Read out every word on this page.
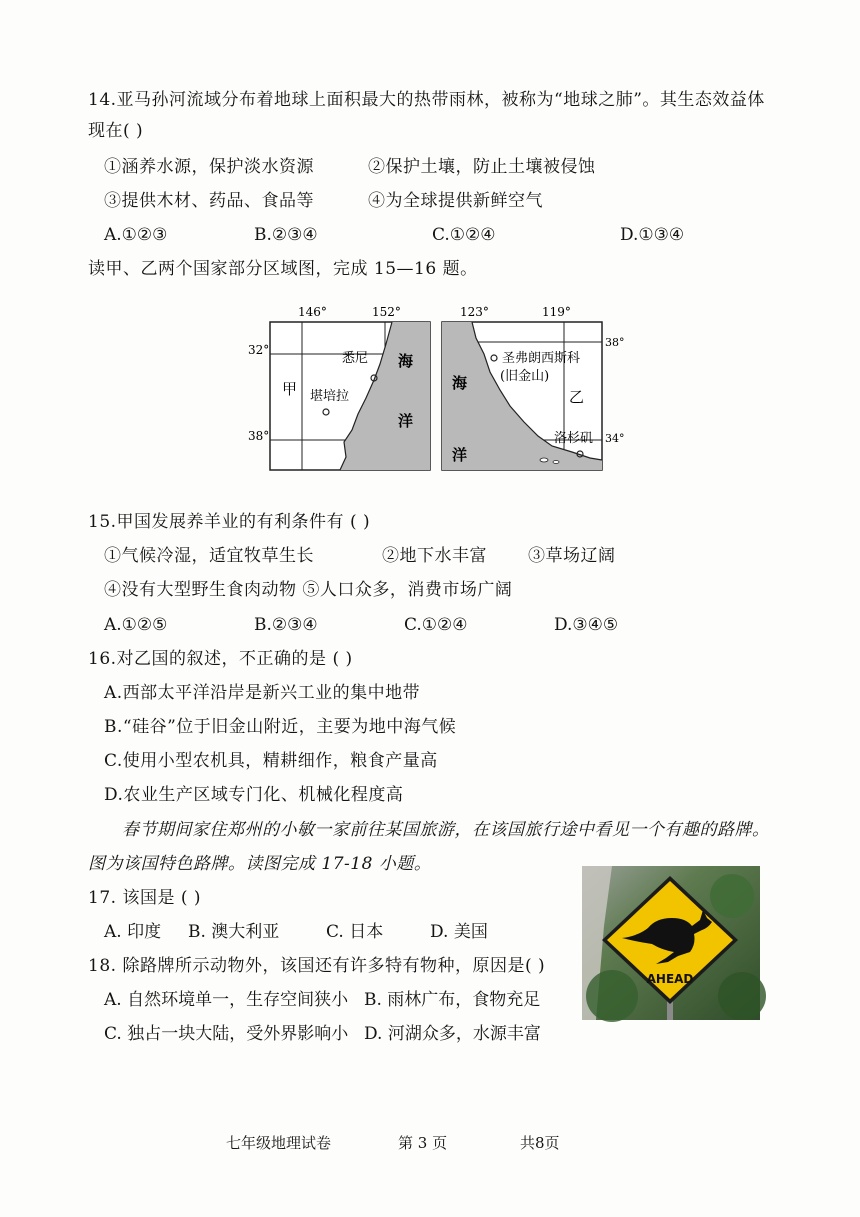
14.亚马孙河流域分布着地球上面积最大的热带雨林，被称为“地球之肺”。其生态效益体
现在( )
①涵养水源，保护淡水资源	②保护土壤，防止土壤被侵蚀
③提供木材、药品、食品等	④为全球提供新鲜空气
A.①②③	B.②③④	C.①②④	D.①③④
读甲、乙两个国家部分区域图，完成 15—16 题。
146°	152°
32°
38°
甲
悉尼
堪培拉
海
洋
123°	119°
38°
34°
圣弗朗西斯科
(旧金山)
乙
洛杉矶
海
洋
15.甲国发展养羊业的有利条件有 ( )
①气候冷湿，适宜牧草生长	②地下水丰富 ③草场辽阔
④没有大型野生食肉动物 ⑤人口众多，消费市场广阔
A.①②⑤	B.②③④	C.①②④	D.③④⑤
16.对乙国的叙述，不正确的是 ( )
A.西部太平洋沿岸是新兴工业的集中地带
B.“硅谷”位于旧金山附近，主要为地中海气候
C.使用小型农机具，精耕细作，粮食产量高
D.农业生产区域专门化、机械化程度高
春节期间家住郑州的小敏一家前往某国旅游，在该国旅行途中看见一个有趣的路牌。
图为该国特色路牌。读图完成 17-18 小题。
17. 该国是 ( )
A. 印度 B. 澳大利亚	C. 日本	D. 美国
18. 除路牌所示动物外，该国还有许多特有物种，原因是( )
A. 自然环境单一，生存空间狭小 B. 雨林广布，食物充足
C. 独占一块大陆，受外界影响小 D. 河湖众多，水源丰富
AHEAD
七年级地理试卷	第 3 页	共8页
